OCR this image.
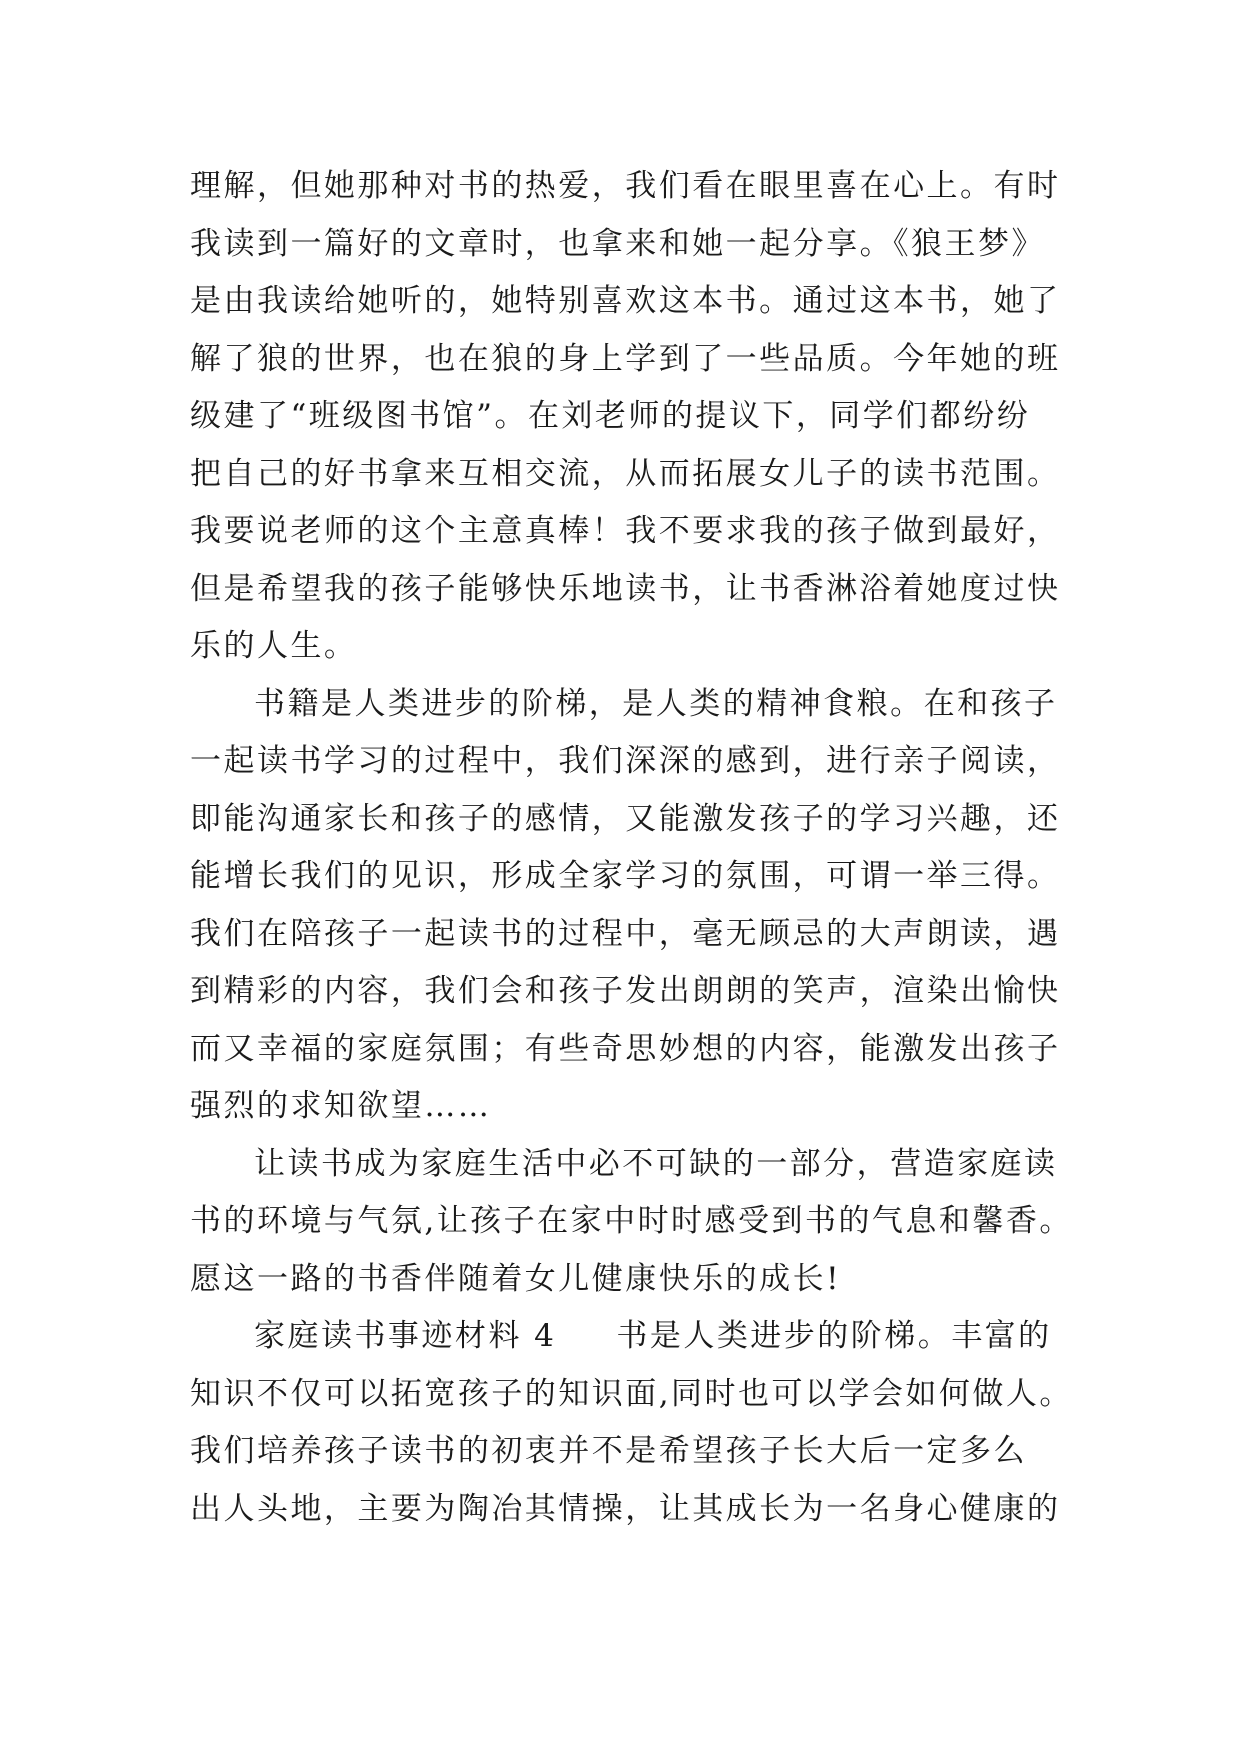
理解，但她那种对书的热爱，我们看在眼里喜在心上。有时
我读到一篇好的文章时，也拿来和她一起分享。《狼王梦》
是由我读给她听的，她特别喜欢这本书。通过这本书，她了
解了狼的世界，也在狼的身上学到了一些品质。今年她的班
级建了“班级图书馆”。在刘老师的提议下，同学们都纷纷
把自己的好书拿来互相交流，从而拓展女儿子的读书范围。
我要说老师的这个主意真棒！我不要求我的孩子做到最好，
但是希望我的孩子能够快乐地读书，让书香淋浴着她度过快
乐的人生。
书籍是人类进步的阶梯，是人类的精神食粮。在和孩子
一起读书学习的过程中，我们深深的感到，进行亲子阅读，
即能沟通家长和孩子的感情，又能激发孩子的学习兴趣，还
能增长我们的见识，形成全家学习的氛围，可谓一举三得。
我们在陪孩子一起读书的过程中，毫无顾忌的大声朗读，遇
到精彩的内容，我们会和孩子发出朗朗的笑声，渲染出愉快
而又幸福的家庭氛围；有些奇思妙想的内容，能激发出孩子
强烈的求知欲望……
让读书成为家庭生活中必不可缺的一部分，营造家庭读
书的环境与气氛,让孩子在家中时时感受到书的气息和馨香。
愿这一路的书香伴随着女儿健康快乐的成长!
家庭读书事迹材料 4 书是人类进步的阶梯。丰富的
知识不仅可以拓宽孩子的知识面,同时也可以学会如何做人。
我们培养孩子读书的初衷并不是希望孩子长大后一定多么
出人头地，主要为陶冶其情操，让其成长为一名身心健康的
